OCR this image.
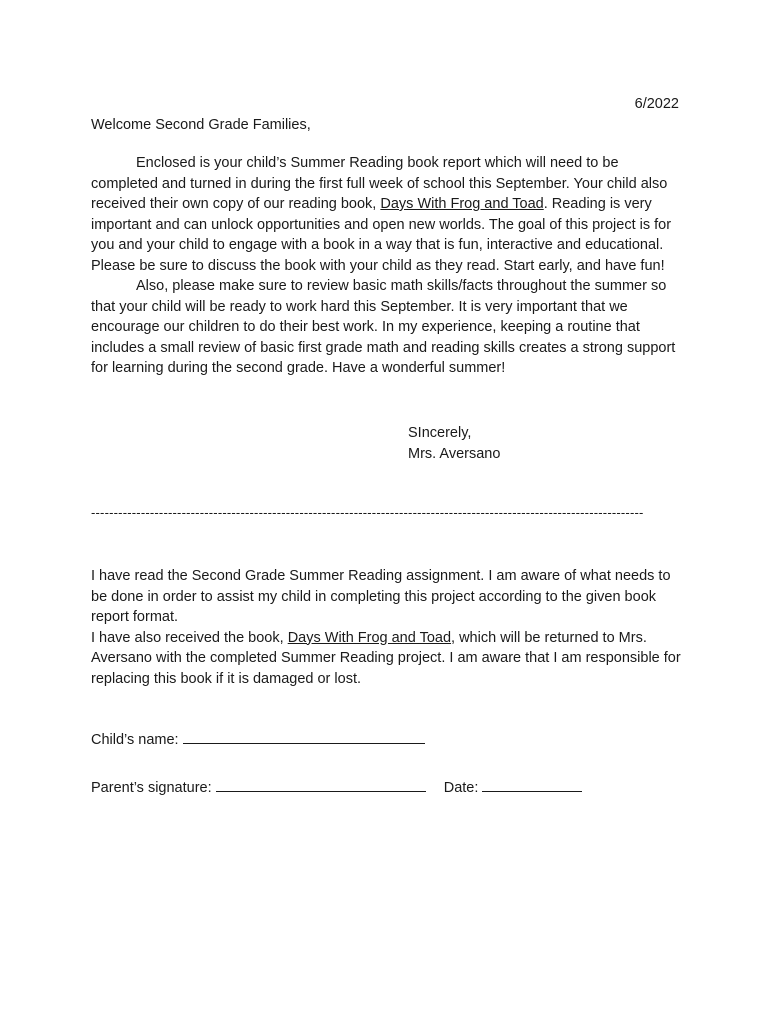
6/2022
Welcome Second Grade Families,

Enclosed is your child’s Summer Reading book report which will need to be completed and turned in during the first full week of school this September. Your child also received their own copy of our reading book, Days With Frog and Toad. Reading is very important and can unlock opportunities and open new worlds. The goal of this project is for you and your child to engage with a book in a way that is fun, interactive and educational. Please be sure to discuss the book with your child as they read. Start early, and have fun!

Also, please make sure to review basic math skills/facts throughout the summer so that your child will be ready to work hard this September. It is very important that we encourage our children to do their best work. In my experience, keeping a routine that includes a small review of basic first grade math and reading skills creates a strong support for learning during the second grade. Have a wonderful summer!

SIncerely,
Mrs. Aversano
--------------------------------------------------------------------------------------------------------------------------

I have read the Second Grade Summer Reading assignment. I am aware of what needs to be done in order to assist my child in completing this project according to the given book report format.

I have also received the book, Days With Frog and Toad, which will be returned to Mrs. Aversano with the completed Summer Reading project. I am aware that I am responsible for replacing this book if it is damaged or lost.

Child’s name:
Parent’s signature:	Date:
